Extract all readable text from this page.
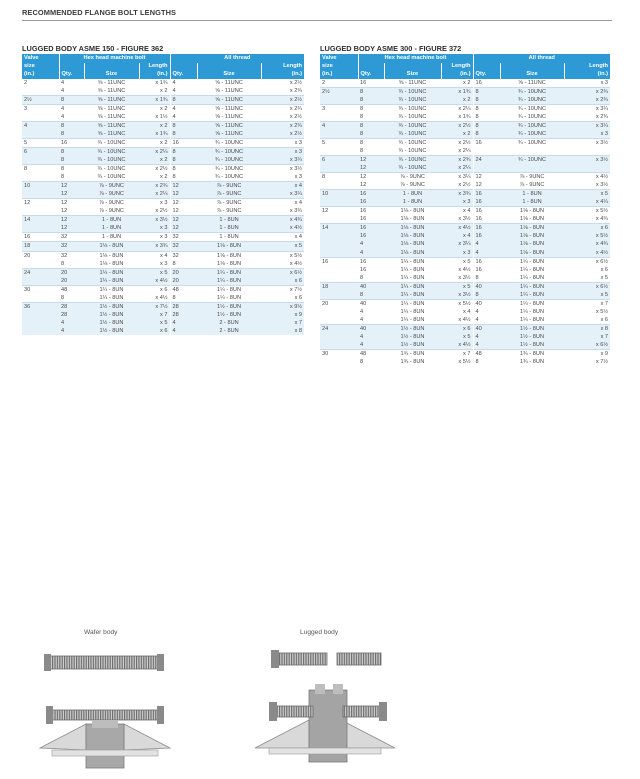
RECOMMENDED FLANGE BOLT LENGTHS
LUGGED BODY ASME 150 - FIGURE 362
Valve	Hex head machine bolt			All thread		
size			Length			Length
(in.)	Qty.	Size	(in.)	Qty.	Size	(in.)
2	4	⅝ - 11UNC	x 1¾	4	⅝ - 11UNC	x 2½
	4	⅝ - 11UNC	x 2	4	⅝ - 11UNC	x 2¾
2½	8	⅝ - 11UNC	x 1¾	8	⅝ - 11UNC	x 2½
3	4	⅝ - 11UNC	x 2	4	⅝ - 11UNC	x 2¾
	4	⅝ - 11UNC	x 1½	4	⅝ - 11UNC	x 2½
4	8	⅝ - 11UNC	x 2	8	⅝ - 11UNC	x 2¾
	8	⅝ - 11UNC	x 1¾	8	⅝ - 11UNC	x 2½
5	16	¾ - 10UNC	x 2	16	¾ - 10UNC	x 3
6	8	¾ - 10UNC	x 2¼	8	¾ - 10UNC	x 3
	8	¾ - 10UNC	x 2	8	¾ - 10UNC	x 3¼
8	8	¾ - 10UNC	x 2½	8	¾ - 10UNC	x 3½
	8	¾ - 10UNC	x 2	8	¾ - 10UNC	x 3
10	12	⅞ - 9UNC	x 2¾	12	⅞ - 9UNC	x 4
	12	⅞ - 9UNC	x 2¼	12	⅞ - 9UNC	x 3¼
12	12	⅞ - 9UNC	x 3	12	⅞ - 9UNC	x 4
	12	⅞ - 9UNC	x 2½	12	⅞ - 9UNC	x 3¾
14	12	1 - 8UN	x 3½	12	1 - 8UN	x 4¾
	12	1 - 8UN	x 3	12	1 - 8UN	x 4½
16	32	1 - 8UN	x 3	32	1 - 8UN	x 4
18	32	1⅛ - 8UN	x 3¾	32	1⅛ - 8UN	x 5
20	32	1⅛ - 8UN	x 4	32	1⅛ - 8UN	x 5½
	8	1⅛ - 8UN	x 3	8	1⅛ - 8UN	x 4½
24	20	1¼ - 8UN	x 5	20	1¼ - 8UN	x 6½
	20	1¼ - 8UN	x 4½	20	1¼ - 8UN	x 6
30	48	1¼ - 8UN	x 6	48	1¼ - 8UN	x 7½
	8	1¼ - 8UN	x 4½	8	1¼ - 8UN	x 6
36	28	1½ - 8UN	x 7½	28	1½ - 8UN	x 9½
	28	1½ - 8UN	x 7	28	1½ - 8UN	x 9
	4	1½ - 8UN	x 5	4	2 - 8UN	x 7
	4	1½ - 8UN	x 6	4	2 - 8UN	x 8
LUGGED BODY ASME 300 - FIGURE 372
Valve	Hex head machine bolt			All thread		
size			Length			Length
(in.)	Qty.	Size	(in.)	Qty.	Size	(in.)
2	16	⅝ - 11UNC	x 2	16	⅝ - 11UNC	x 3
2½	8	¾ - 10UNC	x 1¾	8	¾ - 10UNC	x 2¾
	8	¾ - 10UNC	x 2	8	¾ - 10UNC	x 2¾
3	8	¾ - 10UNC	x 2¼	8	¾ - 10UNC	x 3¼
	8	¾ - 10UNC	x 1¾	8	¾ - 10UNC	x 2¾
4	8	¾ - 10UNC	x 2½	8	¾ - 10UNC	x 3¼
	8	¾ - 10UNC	x 2	8	¾ - 10UNC	x 3
5	8	¾ - 10UNC	x 2½	16	¾ - 10UNC	x 3½
	8	¾ - 10UNC	x 2¼			
6	12	¾ - 10UNC	x 2¾	24	¾ - 10UNC	x 3½
	12	¾ - 10UNC	x 2¼			
8	12	⅞ - 9UNC	x 3¼	12	⅞ - 9UNC	x 4½
	12	⅞ - 9UNC	x 2½	12	⅞ - 9UNC	x 3½
10	16	1 - 8UN	x 3¾	16	1 - 8UN	x 5
	16	1 - 8UN	x 3	16	1 - 8UN	x 4¼
12	16	1⅛ - 8UN	x 4	16	1⅛ - 8UN	x 5½
	16	1⅛ - 8UN	x 3½	16	1⅛ - 8UN	x 4¾
14	16	1⅛ - 8UN	x 4½	16	1⅛ - 8UN	x 6
	16	1⅛ - 8UN	x 4	16	1⅛ - 8UN	x 5½
	4	1⅛ - 8UN	x 3¼	4	1⅛ - 8UN	x 4¾
	4	1⅛ - 8UN	x 3	4	1⅛ - 8UN	x 4½
16	16	1¼ - 8UN	x 5	16	1¼ - 8UN	x 6½
	16	1¼ - 8UN	x 4½	16	1¼ - 8UN	x 6
	8	1¼ - 8UN	x 3½	8	1¼ - 8UN	x 5
18	40	1¼ - 8UN	x 5	40	1¼ - 8UN	x 6½
	8	1¼ - 8UN	x 3½	8	1¼ - 8UN	x 5
20	40	1¼ - 8UN	x 5½	40	1¼ - 8UN	x 7
	4	1¼ - 8UN	x 4	4	1¼ - 8UN	x 5½
	4	1¼ - 8UN	x 4½	4	1¼ - 8UN	x 6
24	40	1½ - 8UN	x 6	40	1½ - 8UN	x 8
	4	1½ - 8UN	x 5	4	1½ - 8UN	x 7
	4	1½ - 8UN	x 4½	4	1½ - 8UN	x 6½
30	48	1¾ - 8UN	x 7	48	1¾ - 8UN	x 9
	8	1¾ - 8UN	x 5½	8	1¾ - 8UN	x 7½
Wafer body	Lugged body
